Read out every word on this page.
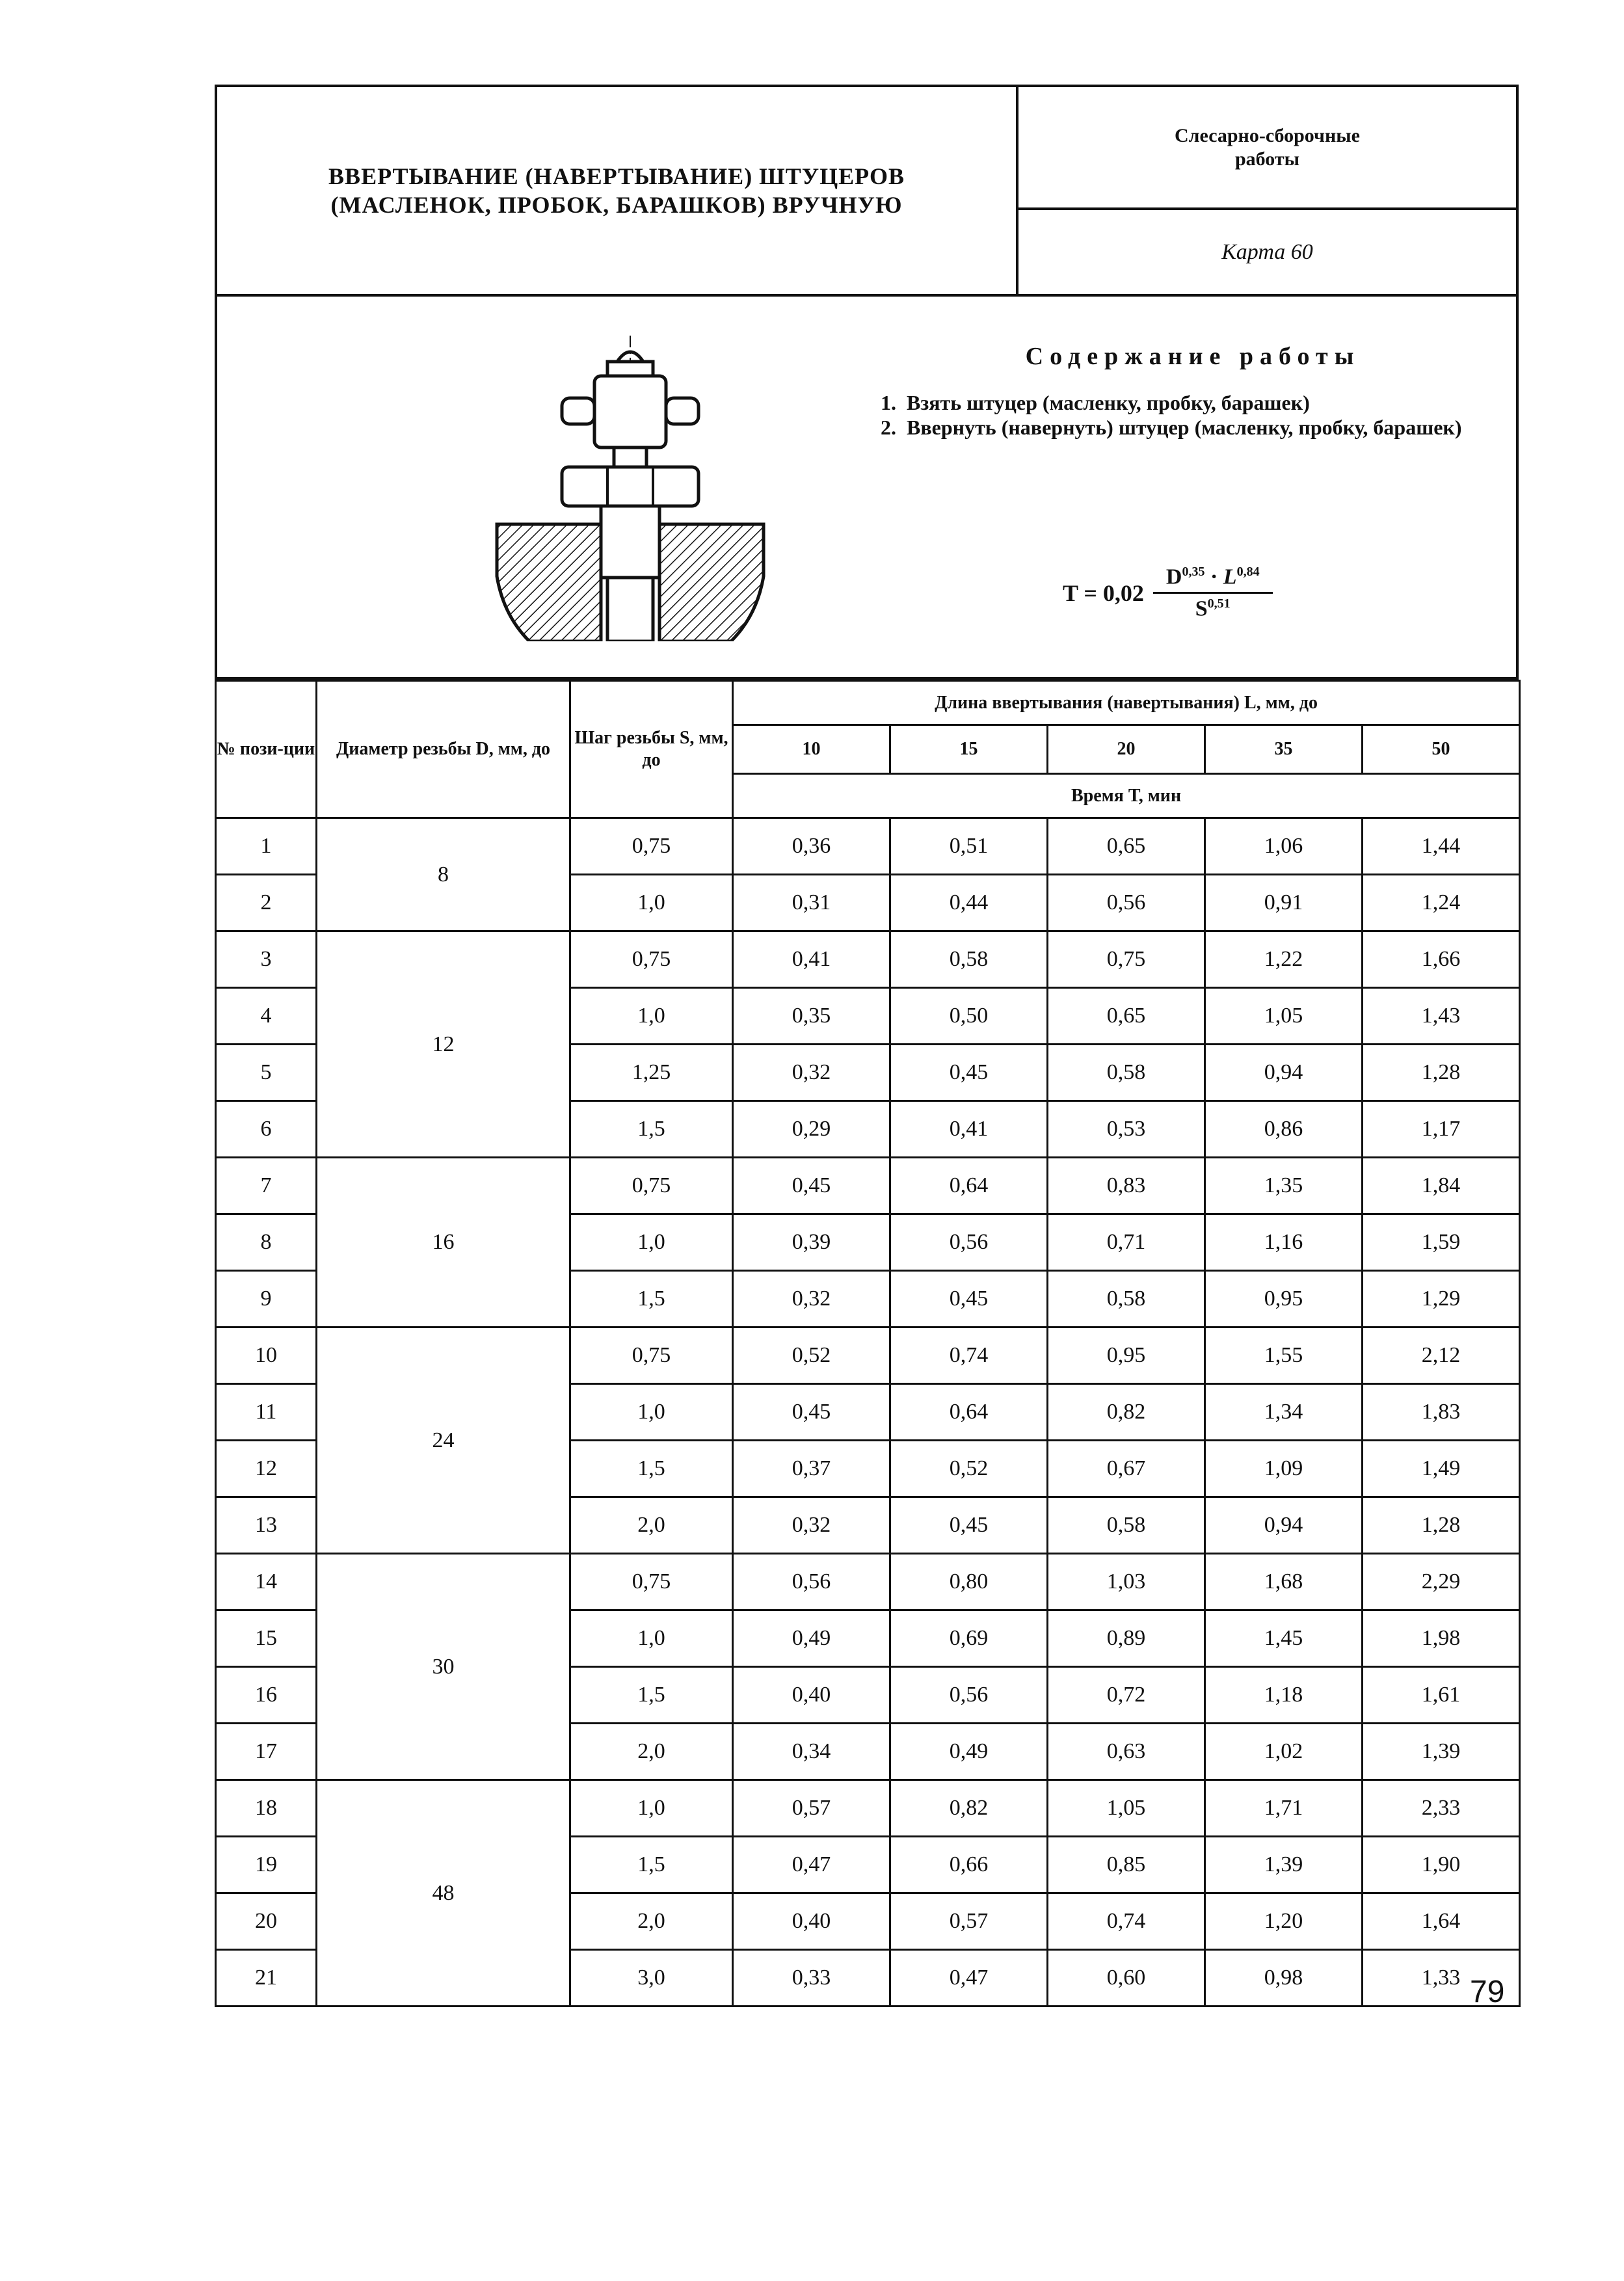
ВВЕРТЫВАНИЕ (НАВЕРТЫВАНИЕ) ШТУЦЕРОВ
(МАСЛЕНОК, ПРОБОК, БАРАШКОВ) ВРУЧНУЮ
Слесарно-сборочные
работы
Карта 60
Содержание работы
1. Взять штуцер (масленку, пробку, барашек)
2. Ввернуть (навернуть) штуцер (масленку, пробку, барашек)
$T = 0,02 \frac{D^{0,35} \cdot L^{0,84}}{S^{0,51}}$
№ пози-ции	Диаметр резьбы D, мм, до	Шаг резьбы S, мм, до	Длина ввертывания (навертывания) L, мм, до				
			10	15	20	35	50
			Время Т, мин				
1	8	0,75	0,36	0,51	0,65	1,06	1,44
2		1,0	0,31	0,44	0,56	0,91	1,24
3	12	0,75	0,41	0,58	0,75	1,22	1,66
4		1,0	0,35	0,50	0,65	1,05	1,43
5		1,25	0,32	0,45	0,58	0,94	1,28
6		1,5	0,29	0,41	0,53	0,86	1,17
7	16	0,75	0,45	0,64	0,83	1,35	1,84
8		1,0	0,39	0,56	0,71	1,16	1,59
9		1,5	0,32	0,45	0,58	0,95	1,29
10	24	0,75	0,52	0,74	0,95	1,55	2,12
11		1,0	0,45	0,64	0,82	1,34	1,83
12		1,5	0,37	0,52	0,67	1,09	1,49
13		2,0	0,32	0,45	0,58	0,94	1,28
14	30	0,75	0,56	0,80	1,03	1,68	2,29
15		1,0	0,49	0,69	0,89	1,45	1,98
16		1,5	0,40	0,56	0,72	1,18	1,61
17		2,0	0,34	0,49	0,63	1,02	1,39
18	48	1,0	0,57	0,82	1,05	1,71	2,33
19		1,5	0,47	0,66	0,85	1,39	1,90
20		2,0	0,40	0,57	0,74	1,20	1,64
21		3,0	0,33	0,47	0,60	0,98	1,33 79
